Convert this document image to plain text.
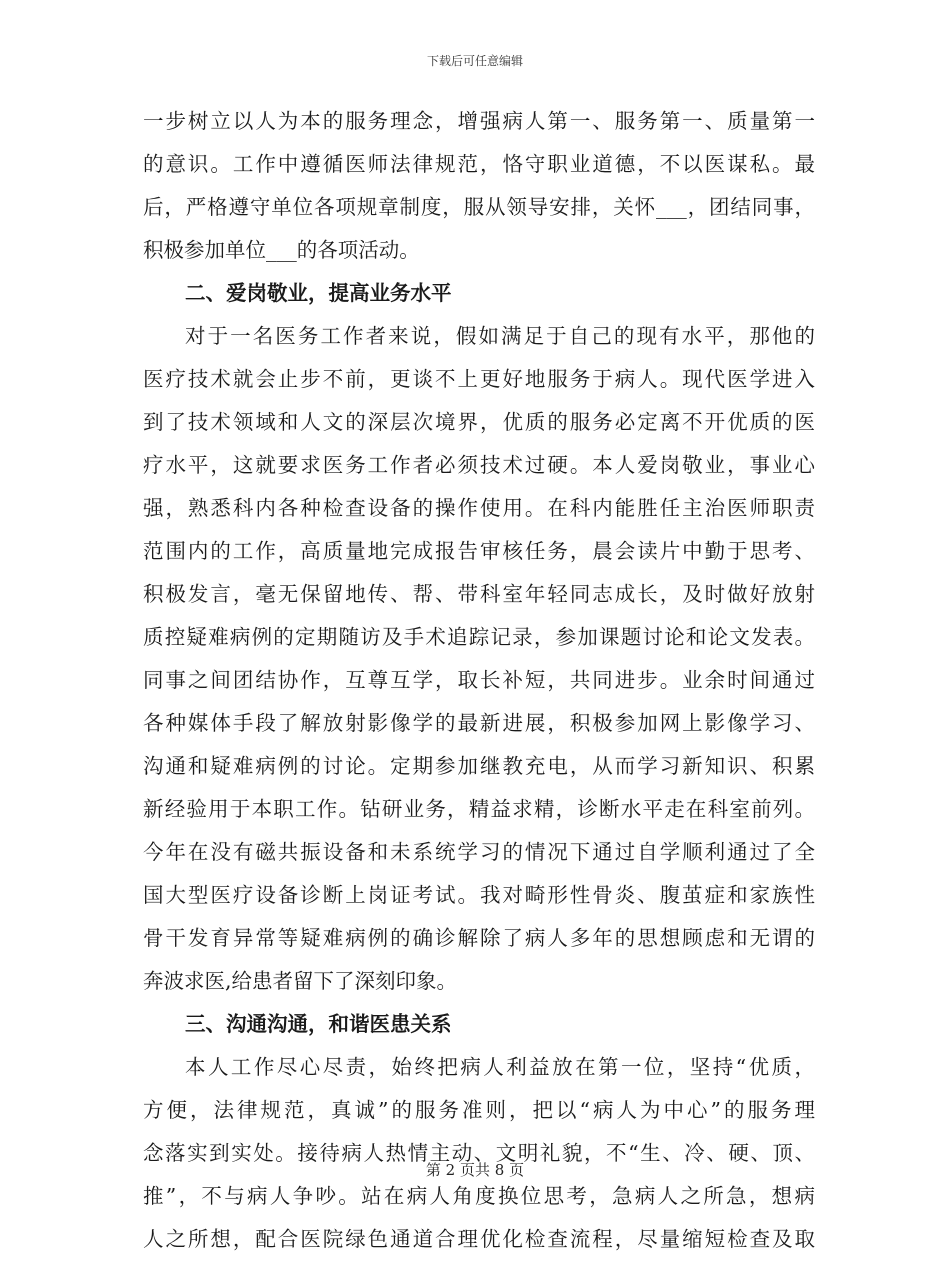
下载后可任意编辑
一步树立以人为本的服务理念，增强病人第一、服务第一、质量第一
的意识。工作中遵循医师法律规范，恪守职业道德，不以医谋私。最
后，严格遵守单位各项规章制度，服从领导安排，关怀___，团结同事，
积极参加单位___的各项活动。
二、爱岗敬业，提高业务水平
对于一名医务工作者来说，假如满足于自己的现有水平，那他的
医疗技术就会止步不前，更谈不上更好地服务于病人。现代医学进入
到了技术领域和人文的深层次境界，优质的服务必定离不开优质的医
疗水平，这就要求医务工作者必须技术过硬。本人爱岗敬业，事业心
强，熟悉科内各种检查设备的操作使用。在科内能胜任主治医师职责
范围内的工作，高质量地完成报告审核任务，晨会读片中勤于思考、
积极发言，毫无保留地传、帮、带科室年轻同志成长，及时做好放射
质控疑难病例的定期随访及手术追踪记录，参加课题讨论和论文发表。
同事之间团结协作，互尊互学，取长补短，共同进步。业余时间通过
各种媒体手段了解放射影像学的最新进展，积极参加网上影像学习、
沟通和疑难病例的讨论。定期参加继教充电，从而学习新知识、积累
新经验用于本职工作。钻研业务，精益求精，诊断水平走在科室前列。
今年在没有磁共振设备和未系统学习的情况下通过自学顺利通过了全
国大型医疗设备诊断上岗证考试。我对畸形性骨炎、腹茧症和家族性
骨干发育异常等疑难病例的确诊解除了病人多年的思想顾虑和无谓的
奔波求医,给患者留下了深刻印象。
三、沟通沟通，和谐医患关系
本人工作尽心尽责，始终把病人利益放在第一位，坚持“优质，
方便，法律规范，真诚”的服务准则，把以“病人为中心”的服务理
念落实到实处。接待病人热情主动、文明礼貌，不“生、冷、硬、顶、
推”，不与病人争吵。站在病人角度换位思考，急病人之所急，想病
人之所想，配合医院绿色通道合理优化检查流程，尽量缩短检查及取
第 2 页共 8 页
